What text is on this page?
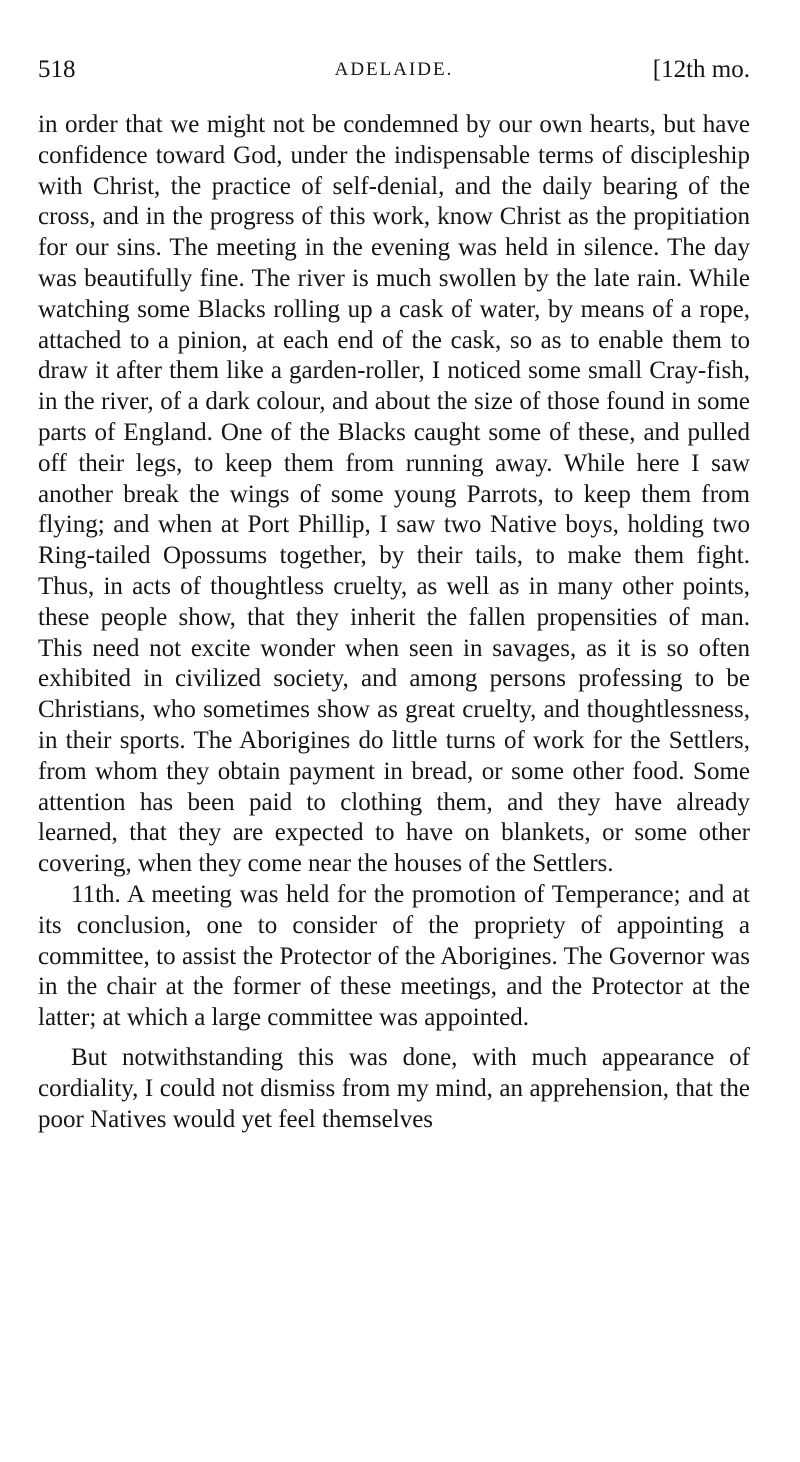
518	ADELAIDE.	[12th mo.

in order that we might not be condemned by our own hearts, but have confidence toward God, under the indispensable terms of discipleship with Christ, the practice of self-denial, and the daily bearing of the cross, and in the progress of this work, know Christ as the propitiation for our sins. The meeting in the evening was held in silence. The day was beautifully fine. The river is much swollen by the late rain. While watching some Blacks rolling up a cask of water, by means of a rope, attached to a pinion, at each end of the cask, so as to enable them to draw it after them like a garden-roller, I noticed some small Cray-fish, in the river, of a dark colour, and about the size of those found in some parts of England. One of the Blacks caught some of these, and pulled off their legs, to keep them from running away. While here I saw another break the wings of some young Parrots, to keep them from flying; and when at Port Phillip, I saw two Native boys, holding two Ring-tailed Opossums together, by their tails, to make them fight. Thus, in acts of thoughtless cruelty, as well as in many other points, these people show, that they inherit the fallen propensities of man. This need not excite wonder when seen in savages, as it is so often exhibited in civilized society, and among persons professing to be Christians, who sometimes show as great cruelty, and thoughtlessness, in their sports. The Aborigines do little turns of work for the Settlers, from whom they obtain payment in bread, or some other food. Some attention has been paid to clothing them, and they have already learned, that they are expected to have on blankets, or some other covering, when they come near the houses of the Settlers.

11th. A meeting was held for the promotion of Temperance; and at its conclusion, one to consider of the propriety of appointing a committee, to assist the Protector of the Aborigines. The Governor was in the chair at the former of these meetings, and the Protector at the latter; at which a large committee was appointed.

But notwithstanding this was done, with much appearance of cordiality, I could not dismiss from my mind, an apprehension, that the poor Natives would yet feel themselves
